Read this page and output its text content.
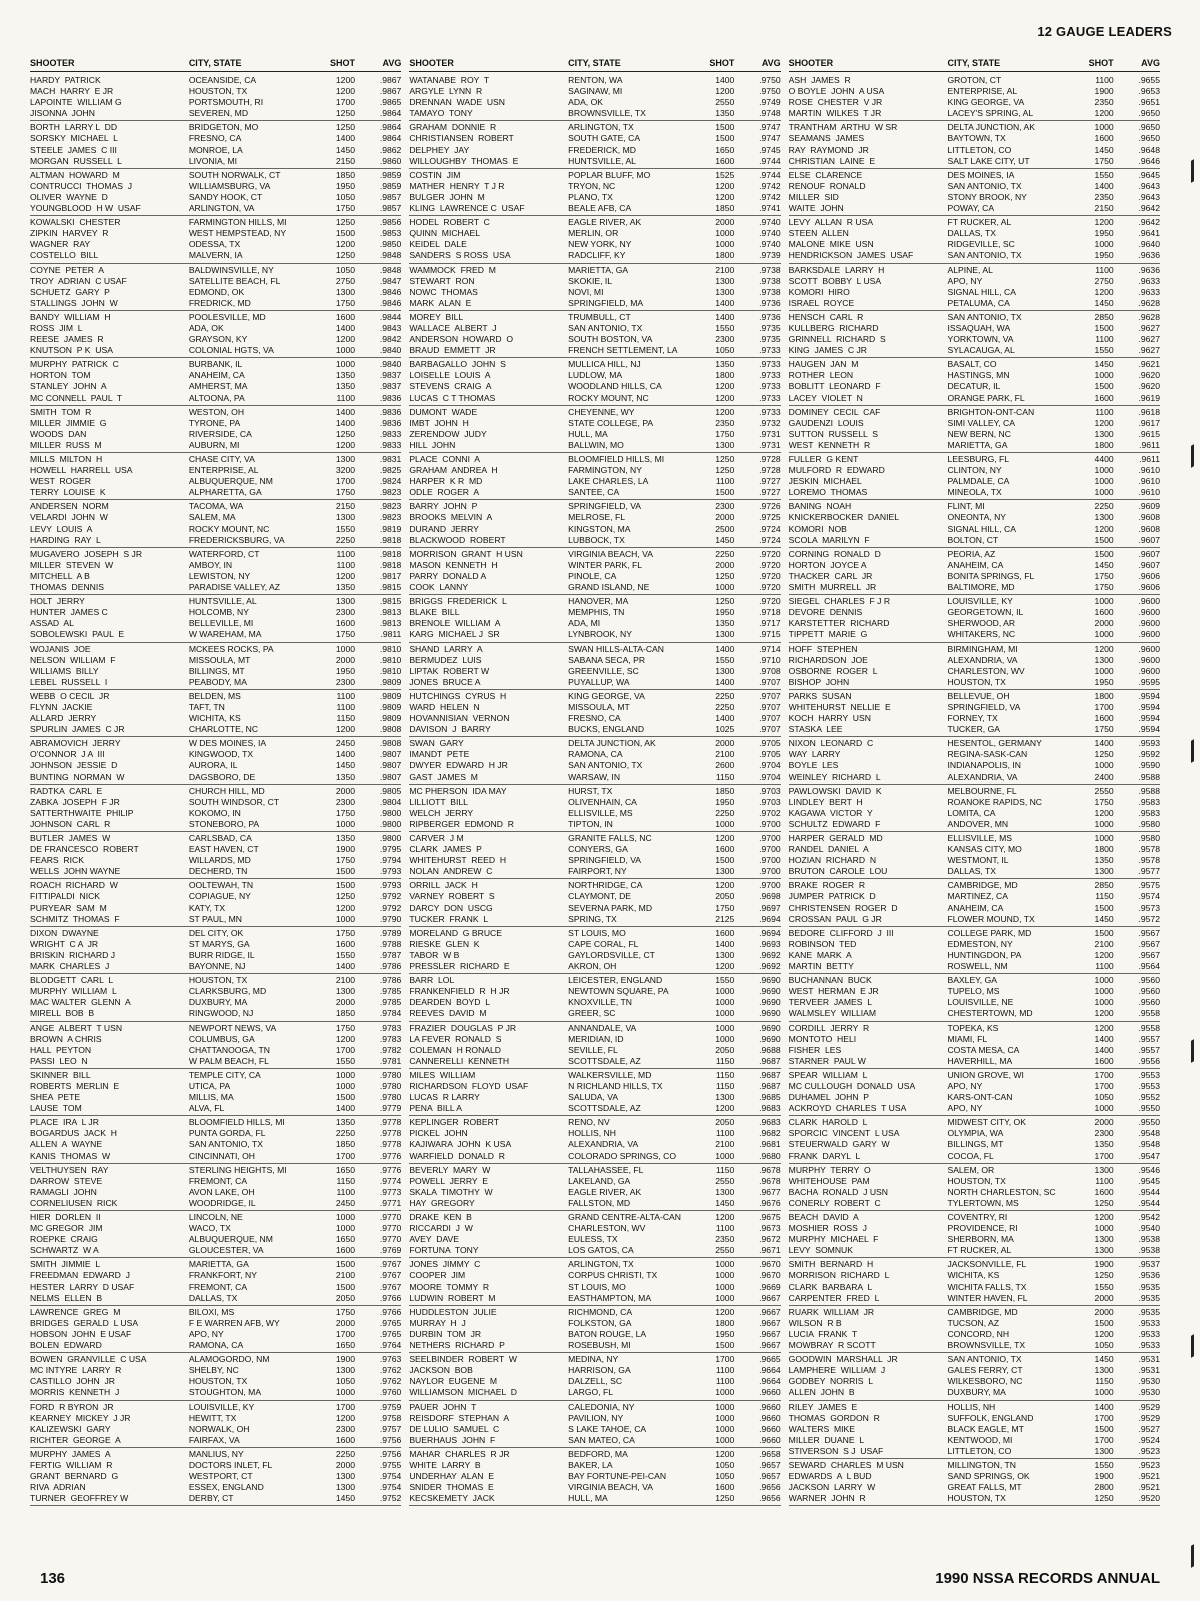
12 GAUGE LEADERS
SHOOTER	CITY, STATE	SHOT	AVG
HARDY  PATRICK	OCEANSIDE, CA	1200	.9867
MACH  HARRY  E JR	HOUSTON, TX	1200	.9867
LAPOINTE  WILLIAM G	PORTSMOUTH, RI	1700	.9865
JISONNA  JOHN	SEVEREN, MD	1250	.9864
BORTH  LARRY L  DD	BRIDGETON, MO	1250	.9864
SORSKY  MICHAEL  L	FRESNO, CA	1400	.9864
STEELE  JAMES  C III	MONROE, LA	1450	.9862
MORGAN  RUSSELL  L	LIVONIA, MI	2150	.9860
ALTMAN  HOWARD  M	SOUTH NORWALK, CT	1850	.9859
CONTRUCCI  THOMAS  J	WILLIAMSBURG, VA	1950	.9859
OLIVER  WAYNE  D	SANDY HOOK, CT	1050	.9857
YOUNGBLOOD  H W  USAF	ARLINGTON, VA	1750	.9857
KOWALSKI  CHESTER	FARMINGTON HILLS, MI	1250	.9856
ZIPKIN  HARVEY  R	WEST HEMPSTEAD, NY	1500	.9853
WAGNER  RAY	ODESSA, TX	1200	.9850
COSTELLO  BILL	MALVERN, IA	1250	.9848
COYNE  PETER  A	BALDWINSVILLE, NY	1050	.9848
TROY  ADRIAN  C USAF	SATELLITE BEACH, FL	2750	.9847
SCHUETZ  GARY  P	EDMOND, OK	1300	.9846
STALLINGS  JOHN  W	FREDRICK, MD	1750	.9846
BANDY  WILLIAM  H	POOLESVILLE, MD	1600	.9844
ROSS  JIM  L	ADA, OK	1400	.9843
REESE  JAMES  R	GRAYSON, KY	1200	.9842
KNUTSON  P K  USA	COLONIAL HGTS, VA	1000	.9840
MURPHY  PATRICK  C	BURBANK, IL	1000	.9840
HORTON  TOM	ANAHEIM, CA	1350	.9837
STANLEY  JOHN  A	AMHERST, MA	1350	.9837
MC CONNELL  PAUL  T	ALTOONA, PA	1100	.9836
SMITH  TOM  R	WESTON, OH	1400	.9836
MILLER  JIMMIE  G	TYRONE, PA	1400	.9836
WOODS  DAN	RIVERSIDE, CA	1250	.9833
MILLER  RUSS  M	AUBURN, MI	1200	.9833
MILLS  MILTON  H	CHASE CITY, VA	1300	.9831
HOWELL  HARRELL  USA	ENTERPRISE, AL	3200	.9825
WEST  ROGER	ALBUQUERQUE, NM	1700	.9824
TERRY  LOUISE  K	ALPHARETTA, GA	1750	.9823
ANDERSEN  NORM	TACOMA, WA	2150	.9823
VELARDI  JOHN  W	SALEM, MA	1300	.9823
LEVY  LOUIS  A	ROCKY MOUNT, NC	1550	.9819
HARDING  RAY  L	FREDERICKSBURG, VA	2250	.9818
MUGAVERO  JOSEPH  S JR	WATERFORD, CT	1100	.9818
MILLER  STEVEN  W	AMBOY, IN	1100	.9818
MITCHELL  A B	LEWISTON, NY	1200	.9817
THOMAS  DENNIS	PARADISE VALLEY, AZ	1350	.9815
HOLT  JERRY	HUNTSVILLE, AL	1300	.9815
HUNTER  JAMES C	HOLCOMB, NY	2300	.9813
ASSAD  AL	BELLEVILLE, MI	1600	.9813
SOBOLEWSKI  PAUL  E	W WAREHAM, MA	1750	.9811
WOJANIS  JOE	MCKEES ROCKS, PA	1000	.9810
NELSON  WILLIAM  F	MISSOULA, MT	2000	.9810
WILLIAMS  BILLY	BILLINGS, MT	1950	.9810
LEBEL  RUSSELL  I	PEABODY, MA	2300	.9809
WEBB  O CECIL  JR	BELDEN, MS	1100	.9809
FLYNN  JACKIE	TAFT, TN	1100	.9809
ALLARD  JERRY	WICHITA, KS	1150	.9809
SPURLIN  JAMES  C JR	CHARLOTTE, NC	1200	.9808
ABRAMOVICH  JERRY	W DES MOINES, IA	2450	.9808
O'CONNOR  J A  III	KINGWOOD, TX	1400	.9807
JOHNSON  JESSIE  D	AURORA, IL	1450	.9807
BUNTING  NORMAN  W	DAGSBORO, DE	1350	.9807
RADTKA  CARL  E	CHURCH HILL, MD	2000	.9805
ZABKA  JOSEPH  F JR	SOUTH WINDSOR, CT	2300	.9804
SATTERTHWAITE  PHILIP	KOKOMO, IN	1750	.9800
JOHNSON  CARL  R	STONEBORO, PA	1000	.9800
BUTLER  JAMES  W	CARLSBAD, CA	1350	.9800
DE FRANCESCO  ROBERT	EAST HAVEN, CT	1900	.9795
FEARS  RICK	WILLARDS, MD	1750	.9794
WELLS  JOHN WAYNE	DECHERD, TN	1500	.9793
ROACH  RICHARD  W	OOLTEWAH, TN	1500	.9793
FITTIPALDI  NICK	COPIAGUE, NY	1250	.9792
PURYEAR  SAM  M	KATY, TX	1200	.9792
SCHMITZ  THOMAS  F	ST PAUL, MN	1000	.9790
DIXON  DWAYNE	DEL CITY, OK	1750	.9789
WRIGHT  C A  JR	ST MARYS, GA	1600	.9788
BRISKIN  RICHARD J	BURR RIDGE, IL	1550	.9787
MARK  CHARLES  J	BAYONNE, NJ	1400	.9786
BLODGETT  CARL  L	HOUSTON, TX	2100	.9786
MURPHY  WILLIAM  L	CLARKSBURG, MD	1300	.9785
MAC WALTER  GLENN  A	DUXBURY, MA	2000	.9785
MIRELL  BOB  B	RINGWOOD, NJ	1850	.9784
ANGE  ALBERT  T USN	NEWPORT NEWS, VA	1750	.9783
BROWN  A CHRIS	COLUMBUS, GA	1200	.9783
HALL  PEYTON	CHATTANOOGA, TN	1700	.9782
PASSI  LEO  N	W PALM BEACH, FL	1550	.9781
SKINNER  BILL	TEMPLE CITY, CA	1000	.9780
ROBERTS  MERLIN  E	UTICA, PA	1000	.9780
SHEA  PETE	MILLIS, MA	1500	.9780
LAUSE  TOM	ALVA, FL	1400	.9779
PLACE  IRA  L JR	BLOOMFIELD HILLS, MI	1350	.9778
BOGARDUS  JACK  H	PUNTA GORDA, FL	2250	.9778
ALLEN  A  WAYNE	SAN ANTONIO, TX	1850	.9778
KANIS  THOMAS  W	CINCINNATI, OH	1700	.9776
VELTHUYSEN  RAY	STERLING HEIGHTS, MI	1650	.9776
DARROW  STEVE	FREMONT, CA	1150	.9774
RAMAGLI  JOHN	AVON LAKE, OH	1100	.9773
CORNELIUSEN  RICK	WOODRIDGE, IL	2450	.9771
HIER  DORLEN  II	LINCOLN, NE	1000	.9770
MC GREGOR  JIM	WACO, TX	1000	.9770
ROEPKE  CRAIG	ALBUQUERQUE, NM	1650	.9770
SCHWARTZ  W A	GLOUCESTER, VA	1600	.9769
SMITH  JIMMIE  L	MARIETTA, GA	1500	.9767
FREEDMAN  EDWARD  J	FRANKFORT, NY	2100	.9767
HESTER  LARRY  D USAF	FREMONT, CA	1500	.9767
NELMS  ELLEN  B	DALLAS, TX	2050	.9766
LAWRENCE  GREG  M	BILOXI, MS	1750	.9766
BRIDGES  GERALD  L USA	F E WARREN AFB, WY	2000	.9765
HOBSON  JOHN  E USAF	APO, NY	1700	.9765
BOLEN  EDWARD	RAMONA, CA	1650	.9764
BOWEN  GRANVILLE  C USA	ALAMOGORDO, NM	1900	.9763
MC INTYRE  LARRY  R	SHELBY, NC	1300	.9762
CASTILLO  JOHN  JR	HOUSTON, TX	1050	.9762
MORRIS  KENNETH  J	STOUGHTON, MA	1000	.9760
FORD  R BYRON  JR	LOUISVILLE, KY	1700	.9759
KEARNEY  MICKEY  J JR	HEWITT, TX	1200	.9758
KALIZEWSKI  GARY	NORWALK, OH	2300	.9757
RICHTER  GEORGE  A	FAIRFAX, VA	1600	.9756
MURPHY  JAMES  A	MANLIUS, NY	2250	.9756
FERTIG  WILLIAM  R	DOCTORS INLET, FL	2000	.9755
GRANT  BERNARD  G	WESTPORT, CT	1300	.9754
RIVA  ADRIAN	ESSEX, ENGLAND	1300	.9754
TURNER  GEOFFREY W	DERBY, CT	1450	.9752
SHOOTER	CITY, STATE	SHOT	AVG
WATANABE  ROY  T	RENTON, WA	1400	.9750
ARGYLE  LYNN  R	SAGINAW, MI	1200	.9750
DRENNAN  WADE  USN	ADA, OK	2550	.9749
TAMAYO  TONY	BROWNSVILLE, TX	1350	.9748
GRAHAM  DONNIE  R	ARLINGTON, TX	1500	.9747
CHRISTIANSEN  ROBERT	SOUTH GATE, CA	1500	.9747
DELPHEY  JAY	FREDERICK, MD	1650	.9745
WILLOUGHBY  THOMAS  E	HUNTSVILLE, AL	1600	.9744
COSTIN  JIM	POPLAR BLUFF, MO	1525	.9744
MATHER  HENRY  T J R	TRYON, NC	1200	.9742
BULGER  JOHN  M	PLANO, TX	1200	.9742
KLING  LAWRENCE C  USAF	BEALE AFB, CA	1850	.9741
HODEL  ROBERT  C	EAGLE RIVER, AK	2000	.9740
QUINN  MICHAEL	MERLIN, OR	1000	.9740
KEIDEL  DALE	NEW YORK, NY	1000	.9740
SANDERS  S ROSS  USA	RADCLIFF, KY	1800	.9739
WAMMOCK  FRED  M	MARIETTA, GA	2100	.9738
STEWART  RON	SKOKIE, IL	1300	.9738
NOWC  THOMAS	NOVI, MI	1300	.9738
MARK  ALAN  E	SPRINGFIELD, MA	1400	.9736
MOREY  BILL	TRUMBULL, CT	1400	.9736
WALLACE  ALBERT  J	SAN ANTONIO, TX	1550	.9735
ANDERSON  HOWARD  O	SOUTH BOSTON, VA	2300	.9735
BRAUD  EMMETT  JR	FRENCH SETTLEMENT, LA	1050	.9733
BARBAGALLO  JOHN  S	MULLICA HILL, NJ	1350	.9733
LOISELLE  LOUIS  A	LUDLOW, MA	1800	.9733
STEVENS  CRAIG  A	WOODLAND HILLS, CA	1200	.9733
LUCAS  C T THOMAS	ROCKY MOUNT, NC	1200	.9733
DUMONT  WADE	CHEYENNE, WY	1200	.9733
IMBT  JOHN  H	STATE COLLEGE, PA	2350	.9732
ZERENDOW  JUDY	HULL, MA	1750	.9731
HILL  JOHN	BALLWIN, MO	1300	.9731
PLACE  CONNI  A	BLOOMFIELD HILLS, MI	1250	.9728
GRAHAM  ANDREA  H	FARMINGTON, NY	1250	.9728
HARPER  K R  MD	LAKE CHARLES, LA	1100	.9727
ODLE  ROGER  A	SANTEE, CA	1500	.9727
BARRY  JOHN  P	SPRINGFIELD, VA	2300	.9726
BROOKS  MELVIN  A	MELROSE, FL	2000	.9725
DURAND  JERRY	KINGSTON, MA	2500	.9724
BLACKWOOD  ROBERT	LUBBOCK, TX	1450	.9724
MORRISON  GRANT  H USN	VIRGINIA BEACH, VA	2250	.9720
MASON  KENNETH  H	WINTER PARK, FL	2000	.9720
PARRY  DONALD A	PINOLE, CA	1250	.9720
COOK  LANNY	GRAND ISLAND, NE	1000	.9720
BRIGGS  FREDERICK  L	HANOVER, MA	1250	.9720
BLAKE  BILL	MEMPHIS, TN	1950	.9718
BRENOLE  WILLIAM  A	ADA, MI	1350	.9717
KARG  MICHAEL J  SR	LYNBROOK, NY	1300	.9715
SHAND  LARRY  A	SWAN HILLS-ALTA-CAN	1400	.9714
BERMUDEZ  LUIS	SABANA SECA, PR	1550	.9710
LIPTAK  ROBERT W	GREENVILLE, SC	1300	.9708
JONES  BRUCE A	PUYALLUP, WA	1400	.9707
HUTCHINGS  CYRUS  H	KING GEORGE, VA	2250	.9707
WARD  HELEN  N	MISSOULA, MT	2250	.9707
HOVANNISIAN  VERNON	FRESNO, CA	1400	.9707
DAVISON  J  BARRY	BUCKS, ENGLAND	1025	.9707
SWAN  GARY	DELTA JUNCTION, AK	2000	.9705
IMANDT  PETE	RAMONA, CA	2100	.9705
DWYER  EDWARD  H JR	SAN ANTONIO, TX	2600	.9704
GAST  JAMES  M	WARSAW, IN	1150	.9704
MC PHERSON  IDA MAY	HURST, TX	1850	.9703
LILLIOTT  BILL	OLIVENHAIN, CA	1950	.9703
WELCH  JERRY	ELLISVILLE, MS	2250	.9702
RIPBERGER  EDMOND  R	TIPTON, IN	1000	.9700
CARVER  J M	GRANITE FALLS, NC	1200	.9700
CLARK  JAMES  P	CONYERS, GA	1600	.9700
WHITEHURST  REED  H	SPRINGFIELD, VA	1500	.9700
NOLAN  ANDREW  C	FAIRPORT, NY	1300	.9700
ORRILL  JACK  H	NORTHRIDGE, CA	1200	.9700
VARNEY  ROBERT  S	CLAYMONT, DE	2050	.9698
DARCY  DON  USCG	SEVERNA PARK, MD	1750	.9697
TUCKER  FRANK  L	SPRING, TX	2125	.9694
MORELAND  G BRUCE	ST LOUIS, MO	1600	.9694
RIESKE  GLEN  K	CAPE CORAL, FL	1400	.9693
TABOR  W B	GAYLORDSVILLE, CT	1300	.9692
PRESSLER  RICHARD  E	AKRON, OH	1200	.9692
BARR  LOL	LEICESTER, ENGLAND	1550	.9690
FRANKENFIELD  R  H JR	NEWTOWN SQUARE, PA	1000	.9690
DEARDEN  BOYD  L	KNOXVILLE, TN	1000	.9690
REEVES  DAVID  M	GREER, SC	1000	.9690
FRAZIER  DOUGLAS  P JR	ANNANDALE, VA	1000	.9690
LA FEVER  RONALD  S	MERIDIAN, ID	1000	.9690
COLEMAN  H RONALD	SEVILLE, FL	2050	.9688
CANNERELLI  KENNETH	SCOTTSDALE, AZ	1150	.9687
MILES  WILLIAM	WALKERSVILLE, MD	1150	.9687
RICHARDSON  FLOYD  USAF	N RICHLAND HILLS, TX	1150	.9687
LUCAS  R LARRY	SALUDA, VA	1300	.9685
PENA  BILL A	SCOTTSDALE, AZ	1200	.9683
KEPLINGER  ROBERT	RENO, NV	2050	.9683
PICKEL  JOHN	HOLLIS, NH	1100	.9682
KAJIWARA  JOHN  K USA	ALEXANDRIA, VA	2100	.9681
WARFIELD  DONALD  R	COLORADO SPRINGS, CO	1000	.9680
BEVERLY  MARY  W	TALLAHASSEE, FL	1150	.9678
POWELL  JERRY  E	LAKELAND, GA	2550	.9678
SKALA  TIMOTHY  W	EAGLE RIVER, AK	1300	.9677
HAY  GREGORY	FALLSTON, MD	1450	.9676
DRAKE  KEN  B	GRAND CENTRE-ALTA-CAN	1200	.9675
RICCARDI  J  W	CHARLESTON, WV	1100	.9673
AVEY  DAVE	EULESS, TX	2350	.9672
FORTUNA  TONY	LOS GATOS, CA	2550	.9671
JONES  JIMMY  C	ARLINGTON, TX	1000	.9670
COOPER  JIM	CORPUS CHRISTI, TX	1000	.9670
MOORE  TOMMY  R	ST LOUIS, MO	1000	.9669
LUDWIN  ROBERT  M	EASTHAMPTON, MA	1000	.9667
HUDDLESTON  JULIE	RICHMOND, CA	1200	.9667
MURRAY  H  J	FOLKSTON, GA	1800	.9667
DURBIN  TOM  JR	BATON ROUGE, LA	1950	.9667
NETHERS  RICHARD  P	ROSEBUSH, MI	1500	.9667
SEELBINDER  ROBERT  W	MEDINA, NY	1700	.9665
JACKSON  BOB	HARRISON, GA	1100	.9664
NAYLOR  EUGENE  M	DALZELL, SC	1100	.9664
WILLIAMSON  MICHAEL  D	LARGO, FL	1000	.9660
PAUER  JOHN  T	CALEDONIA, NY	1000	.9660
REISDORF  STEPHAN  A	PAVILION, NY	1000	.9660
DE LULIO  SAMUEL  C	S LAKE TAHOE, CA	1000	.9660
BUERHAUS  JOHN  F	SAN MATEO, CA	1000	.9660
MAHAR  CHARLES  R JR	BEDFORD, MA	1200	.9658
WHITE  LARRY  B	BAKER, LA	1050	.9657
UNDERHAY  ALAN  E	BAY FORTUNE-PEI-CAN	1050	.9657
SNIDER  THOMAS  E	VIRGINIA BEACH, VA	1600	.9656
KECSKEMETY  JACK	HULL, MA	1250	.9656
SHOOTER	CITY, STATE	SHOT	AVG
ASH  JAMES  R	GROTON, CT	1100	.9655
O BOYLE  JOHN  A USA	ENTERPRISE, AL	1900	.9653
ROSE  CHESTER  V JR	KING GEORGE, VA	2350	.9651
MARTIN  WILKES  T JR	LACEY'S SPRING, AL	1200	.9650
TRANTHAM  ARTHU  W SR	DELTA JUNCTION, AK	1000	.9650
SEAMANS  JAMES	BAYTOWN, TX	1600	.9650
RAY  RAYMOND  JR	LITTLETON, CO	1450	.9648
CHRISTIAN  LAINE  E	SALT LAKE CITY, UT	1750	.9646
ELSE  CLARENCE	DES MOINES, IA	1550	.9645
RENOUF  RONALD	SAN ANTONIO, TX	1400	.9643
MILLER  SID	STONY BROOK, NY	2350	.9643
WAITE  JOHN	POWAY, CA	2150	.9642
LEVY  ALLAN  R USA	FT RUCKER, AL	1200	.9642
STEEN  ALLEN	DALLAS, TX	1950	.9641
MALONE  MIKE  USN	RIDGEVILLE, SC	1000	.9640
HENDRICKSON  JAMES  USAF	SAN ANTONIO, TX	1950	.9636
BARKSDALE  LARRY  H	ALPINE, AL	1100	.9636
SCOTT  BOBBY  L USA	APO, NY	2750	.9633
KOMORI  HIRO	SIGNAL HILL, CA	1200	.9633
ISRAEL  ROYCE	PETALUMA, CA	1450	.9628
HENSCH  CARL  R	SAN ANTONIO, TX	2850	.9628
KULLBERG  RICHARD	ISSAQUAH, WA	1500	.9627
GRINNELL  RICHARD  S	YORKTOWN, VA	1100	.9627
KING  JAMES  C JR	SYLACAUGA, AL	1550	.9627
HAUGEN  JAN  M	BASALT, CO	1450	.9621
ROTHER  LEON	HASTINGS, MN	1000	.9620
BOBLITT  LEONARD  F	DECATUR, IL	1500	.9620
LACEY  VIOLET  N	ORANGE PARK, FL	1600	.9619
DOMINEY  CECIL  CAF	BRIGHTON-ONT-CAN	1100	.9618
GAUDENZI  LOUIS	SIMI VALLEY, CA	1200	.9617
SUTTON  RUSSELL  S	NEW BERN, NC	1300	.9615
WEST  KENNETH  R	MARIETTA, GA	1800	.9611
FULLER  G KENT	LEESBURG, FL	4400	.9611
MULFORD  R  EDWARD	CLINTON, NY	1000	.9610
JESKIN  MICHAEL	PALMDALE, CA	1000	.9610
LOREMO  THOMAS	MINEOLA, TX	1000	.9610
BANING  NOAH	FLINT, MI	2250	.9609
KNICKERBOCKER  DANIEL	ONEONTA, NY	1300	.9608
KOMORI  NOB	SIGNAL HILL, CA	1200	.9608
SCOLA  MARILYN  F	BOLTON, CT	1500	.9607
CORNING  RONALD  D	PEORIA, AZ	1500	.9607
HORTON  JOYCE A	ANAHEIM, CA	1450	.9607
THACKER  CARL  JR	BONITA SPRINGS, FL	1750	.9606
SMITH  MURRELL  JR	BALTIMORE, MD	1750	.9606
SIEGEL  CHARLES  F J R	LOUISVILLE, KY	1000	.9600
DEVORE  DENNIS	GEORGETOWN, IL	1600	.9600
KARSTETTER  RICHARD	SHERWOOD, AR	2000	.9600
TIPPETT  MARIE  G	WHITAKERS, NC	1000	.9600
HOFF  STEPHEN	BIRMINGHAM, MI	1200	.9600
RICHARDSON  JOE	ALEXANDRIA, VA	1300	.9600
OSBORNE  ROGER  L	CHARLESTON, WV	1000	.9600
BISHOP  JOHN	HOUSTON, TX	1950	.9595
PARKS  SUSAN	BELLEVUE, OH	1800	.9594
WHITEHURST  NELLIE  E	SPRINGFIELD, VA	1700	.9594
KOCH  HARRY  USN	FORNEY, TX	1600	.9594
STASKA  LEE	TUCKER, GA	1750	.9594
NIXON  LEONARD  C	HESENTOL, GERMANY	1400	.9593
WAY  LARRY	REGINA-SASK-CAN	1250	.9592
BOYLE  LES	INDIANAPOLIS, IN	1000	.9590
WEINLEY  RICHARD  L	ALEXANDRIA, VA	2400	.9588
PAWLOWSKI  DAVID  K	MELBOURNE, FL	2550	.9588
LINDLEY  BERT  H	ROANOKE RAPIDS, NC	1750	.9583
KAGAWA  VICTOR  Y	LOMITA, CA	1200	.9583
SCHULTZ  EDWARD  F	ANDOVER, MN	1000	.9580
HARPER  GERALD  MD	ELLISVILLE, MS	1000	.9580
RANDEL  DANIEL  A	KANSAS CITY, MO	1800	.9578
HOZIAN  RICHARD  N	WESTMONT, IL	1350	.9578
BRUTON  CAROLE  LOU	DALLAS, TX	1300	.9577
BRAKE  ROGER  R	CAMBRIDGE, MD	2850	.9575
JUMPER  PATRICK  D	MARTINEZ, CA	1150	.9574
CHRISTENSEN  ROGER  D	ANAHEIM, CA	1500	.9573
CROSSAN  PAUL  G JR	FLOWER MOUND, TX	1450	.9572
BEDORE  CLIFFORD  J  III	COLLEGE PARK, MD	1500	.9567
ROBINSON  TED	EDMESTON, NY	2100	.9567
KANE  MARK  A	HUNTINGDON, PA	1200	.9567
MARTIN  BETTY	ROSWELL, NM	1100	.9564
BUCHANNAN  BUCK	BAXLEY, GA	1000	.9560
WEST  HERMAN  E JR	TUPELO, MS	1000	.9560
TERVEER  JAMES  L	LOUISVILLE, NE	1000	.9560
WALMSLEY  WILLIAM	CHESTERTOWN, MD	1200	.9558
CORDILL  JERRY  R	TOPEKA, KS	1200	.9558
MONTOTO  HELI	MIAMI, FL	1400	.9557
FISHER  LES	COSTA MESA, CA	1400	.9557
STARNER  PAUL W	HAVERHILL, MA	1600	.9556
SPEAR  WILLIAM  L	UNION GROVE, WI	1700	.9553
MC CULLOUGH  DONALD  USA	APO, NY	1700	.9553
DUHAMEL  JOHN  P	KARS-ONT-CAN	1050	.9552
ACKROYD  CHARLES  T USA	APO, NY	1000	.9550
CLARK  HAROLD  L	MIDWEST CITY, OK	2000	.9550
SPORCIC  VINCENT  L USA	OLYMPIA, WA	2300	.9548
STEUERWALD  GARY  W	BILLINGS, MT	1350	.9548
FRANK  DARYL  L	COCOA, FL	1700	.9547
MURPHY  TERRY  O	SALEM, OR	1300	.9546
WHITEHOUSE  PAM	HOUSTON, TX	1100	.9545
BACHA  RONALD  J USN	NORTH CHARLESTON, SC	1600	.9544
CONERLY  ROBERT  C	TYLERTOWN, MS	1250	.9544
BEACH  DAVID  A	COVENTRY, RI	1200	.9542
MOSHIER  ROSS  J	PROVIDENCE, RI	1000	.9540
MURPHY  MICHAEL  F	SHERBORN, MA	1300	.9538
LEVY  SOMNUK	FT RUCKER, AL	1300	.9538
SMITH  BERNARD  H	JACKSONVILLE, FL	1900	.9537
MORRISON  RICHARD  L	WICHITA, KS	1250	.9536
CLARK  BARBARA  L	WICHITA FALLS, TX	1550	.9535
CARPENTER  FRED  L	WINTER HAVEN, FL	2000	.9535
RUARK  WILLIAM  JR	CAMBRIDGE, MD	2000	.9535
WILSON  R B	TUCSON, AZ	1500	.9533
LUCIA  FRANK  T	CONCORD, NH	1200	.9533
MOWBRAY  R SCOTT	BROWNSVILLE, TX	1050	.9533
GOODWIN  MARSHALL  JR	SAN ANTONIO, TX	1450	.9531
LAMPHERE  WILLIAM  J	GALES FERRY, CT	1300	.9531
GODBEY  NORRIS  L	WILKESBORO, NC	1150	.9530
ALLEN  JOHN  B	DUXBURY, MA	1000	.9530
RILEY  JAMES  E	HOLLIS, NH	1400	.9529
THOMAS  GORDON  R	SUFFOLK, ENGLAND	1700	.9529
WALTERS  MIKE	BLACK EAGLE, MT	1500	.9527
MILLER  DUANE  L	KENTWOOD, MI	1700	.9524
STIVERSON  S J  USAF	LITTLETON, CO	1300	.9523
SEWARD  CHARLES  M USN	MILLINGTON, TN	1550	.9523
EDWARDS  A  L BUD	SAND SPRINGS, OK	1900	.9521
JACKSON  LARRY  W	GREAT FALLS, MT	2800	.9521
WARNER  JOHN  R	HOUSTON, TX	1250	.9520
136	1990 NSSA RECORDS ANNUAL
